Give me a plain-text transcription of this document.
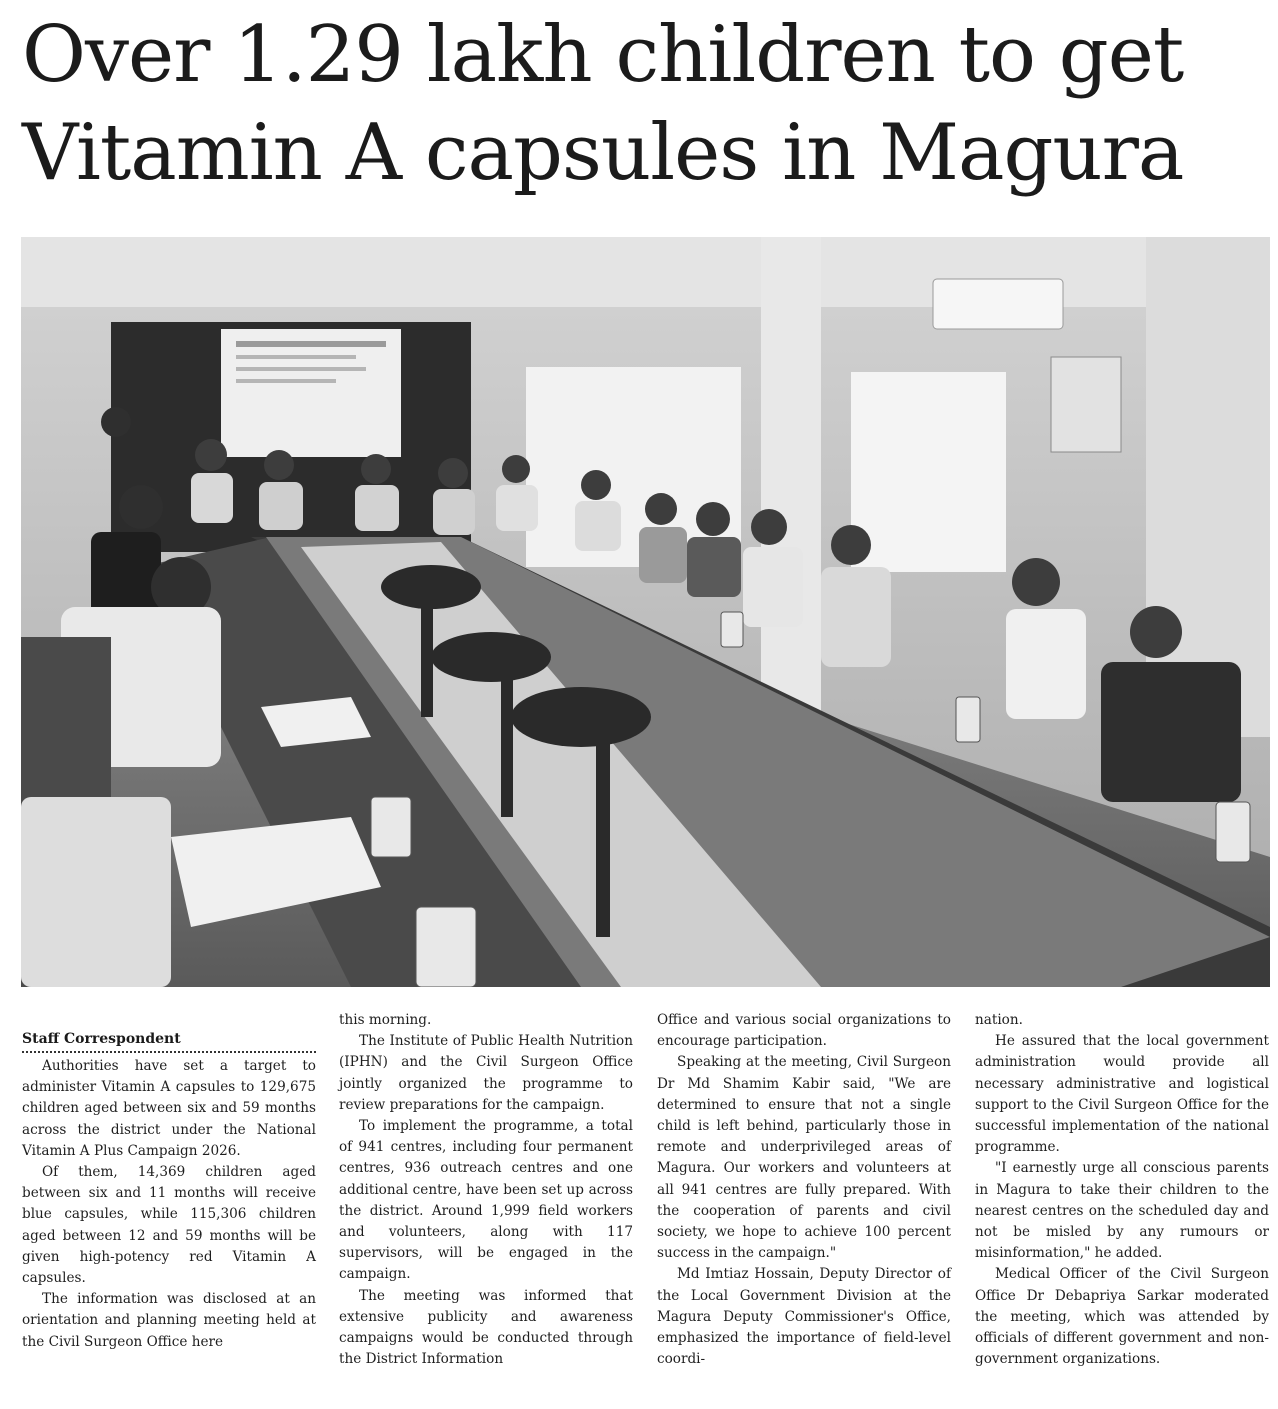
Over 1.29 lakh children to get
Vitamin A capsules in Magura
Staff Correspondent

Authorities have set a target to administer Vitamin A capsules to 129,675 children aged between six and 59 months across the district under the National Vitamin A Plus Campaign 2026.

Of them, 14,369 children aged between six and 11 months will receive blue capsules, while 115,306 children aged between 12 and 59 months will be given high-potency red Vitamin A capsules.

The information was disclosed at an orientation and planning meeting held at the Civil Surgeon Office here

this morning.

The Institute of Public Health Nutrition (IPHN) and the Civil Surgeon Office jointly organized the programme to review preparations for the campaign.

To implement the programme, a total of 941 centres, including four permanent centres, 936 outreach centres and one additional centre, have been set up across the district. Around 1,999 field workers and volunteers, along with 117 supervisors, will be engaged in the campaign.

The meeting was informed that extensive publicity and awareness campaigns would be conducted through the District Information

Office and various social organizations to encourage participation.

Speaking at the meeting, Civil Surgeon Dr Md Shamim Kabir said, "We are determined to ensure that not a single child is left behind, particularly those in remote and underprivileged areas of Magura. Our workers and volunteers at all 941 centres are fully prepared. With the cooperation of parents and civil society, we hope to achieve 100 percent success in the campaign."

Md Imtiaz Hossain, Deputy Director of the Local Government Division at the Magura Deputy Commissioner's Office, emphasized the importance of field-level coordi-

nation.

He assured that the local government administration would provide all necessary administrative and logistical support to the Civil Surgeon Office for the successful implementation of the national programme.

"I earnestly urge all conscious parents in Magura to take their children to the nearest centres on the scheduled day and not be misled by any rumours or misinformation," he added.

Medical Officer of the Civil Surgeon Office Dr Debapriya Sarkar moderated the meeting, which was attended by officials of different government and non-government organizations.
